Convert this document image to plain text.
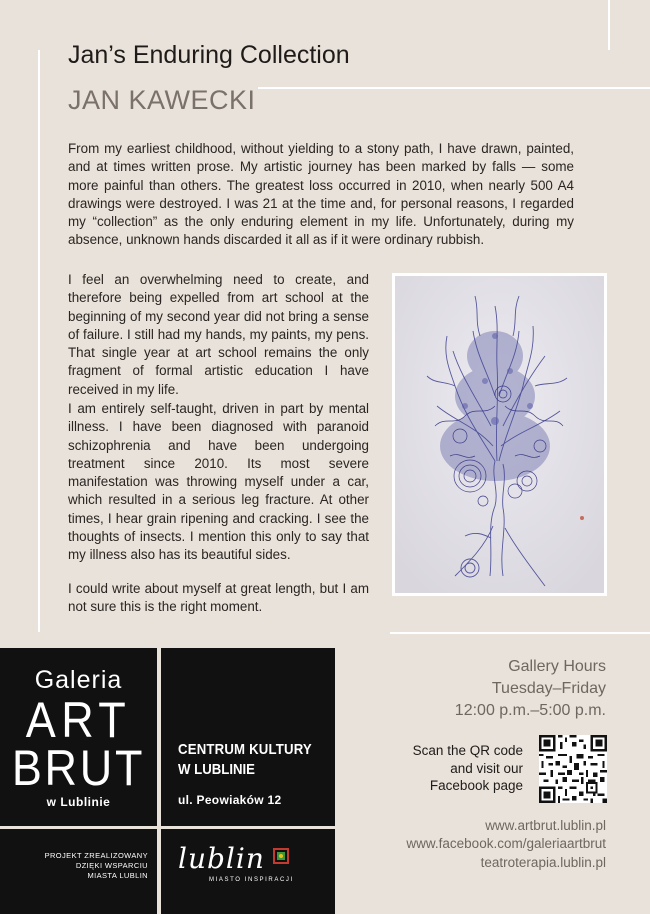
Jan’s Enduring Collection
JAN KAWECKI

From my earliest childhood, without yielding to a stony path, I have drawn, painted, and at times written prose. My artistic journey has been marked by falls — some more painful than others. The greatest loss occurred in 2010, when nearly 500 A4 drawings were destroyed. I was 21 at the time and, for personal reasons, I regarded my “collection” as the only enduring element in my life. Unfortunately, during my absence, unknown hands discarded it all as if it were ordinary rubbish.

I feel an overwhelming need to create, and therefore being expelled from art school at the beginning of my second year did not bring a sense of failure. I still had my hands, my paints, my pens. That single year at art school remains the only fragment of formal artistic education I have received in my life.

I am entirely self-taught, driven in part by mental illness. I have been diagnosed with paranoid schizophrenia and have been undergoing treatment since 2010. Its most severe manifestation was throwing myself under a car, which resulted in a serious leg fracture. At other times, I hear grain ripening and cracking. I see the thoughts of insects. I mention this only to say that my illness also has its beautiful sides.

I could write about myself at great length, but I am not sure this is the right moment.

Galeria
ART
BRUT
w Lublinie
CENTRUM KULTURY
W LUBLINIE
ul. Peowiaków 12
PROJEKT ZREALIZOWANY
DZIĘKI WSPARCIU
MIASTA LUBLIN
lublin
MIASTO INSPIRACJI
Gallery Hours
Tuesday–Friday
12:00 p.m.–5:00 p.m.
Scan the QR code
and visit our
Facebook page
www.artbrut.lublin.pl
www.facebook.com/galeriaartbrut
teatroterapia.lublin.pl
